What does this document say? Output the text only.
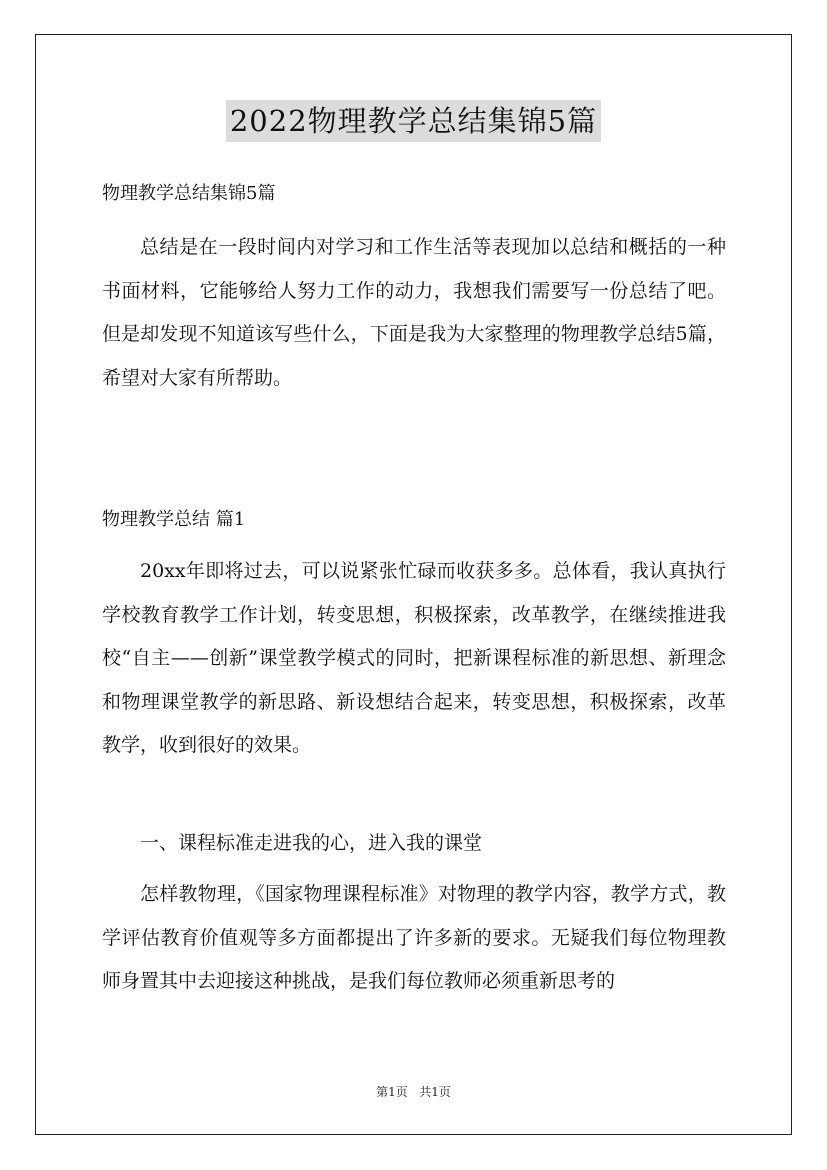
2022物理教学总结集锦5篇
物理教学总结集锦5篇

总结是在一段时间内对学习和工作生活等表现加以总结和概括的一种书面材料，它能够给人努力工作的动力，我想我们需要写一份总结了吧。但是却发现不知道该写些什么，下面是我为大家整理的物理教学总结5篇，希望对大家有所帮助。

物理教学总结 篇1

20xx年即将过去，可以说紧张忙碌而收获多多。总体看，我认真执行学校教育教学工作计划，转变思想，积极探索，改革教学，在继续推进我校“自主——创新”课堂教学模式的同时，把新课程标准的新思想、新理念和物理课堂教学的新思路、新设想结合起来，转变思想，积极探索，改革教学，收到很好的效果。

一、课程标准走进我的心，进入我的课堂

怎样教物理，《国家物理课程标准》对物理的教学内容，教学方式，教学评估教育价值观等多方面都提出了许多新的要求。无疑我们每位物理教师身置其中去迎接这种挑战，是我们每位教师必须重新思考的

第1页 共1页
